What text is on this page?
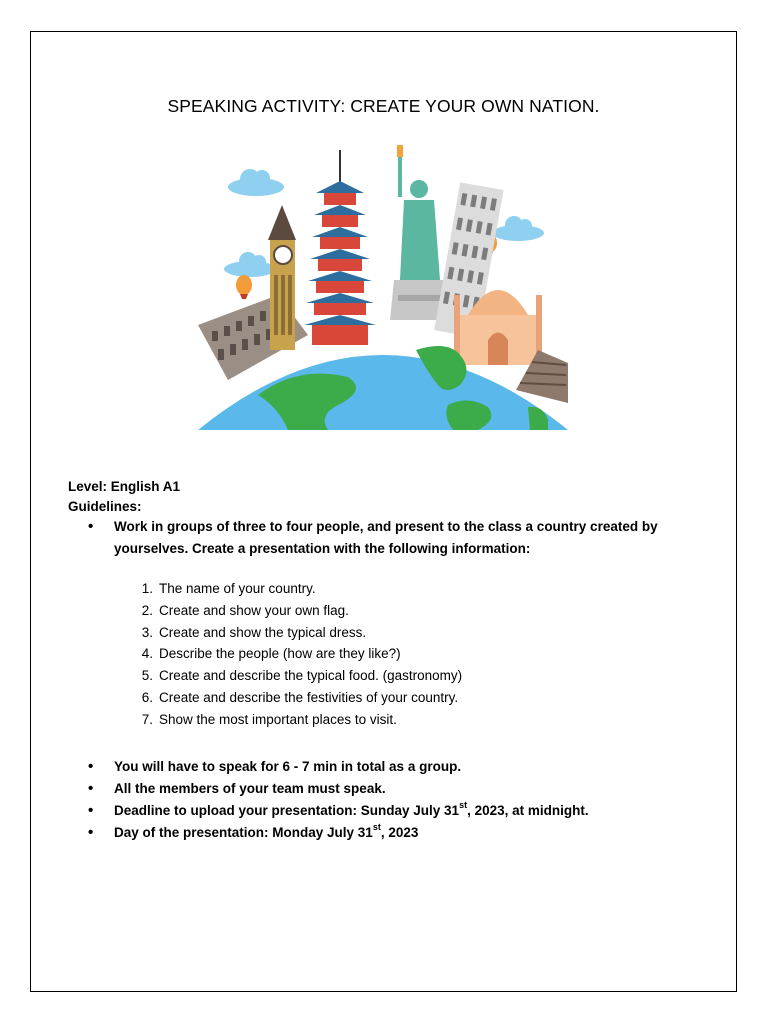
SPEAKING ACTIVITY: CREATE YOUR OWN NATION.
Level: English A1
Guidelines:
• Work in groups of three to four people, and present to the class a country created by yourselves. Create a presentation with the following information:
1. The name of your country.
2. Create and show your own flag.
3. Create and show the typical dress.
4. Describe the people (how are they like?)
5. Create and describe the typical food. (gastronomy)
6. Create and describe the festivities of your country.
7. Show the most important places to visit.
• You will have to speak for 6 - 7 min in total as a group.
• All the members of your team must speak.
• Deadline to upload your presentation: Sunday July 31st, 2023, at midnight.
• Day of the presentation: Monday July 31st, 2023
